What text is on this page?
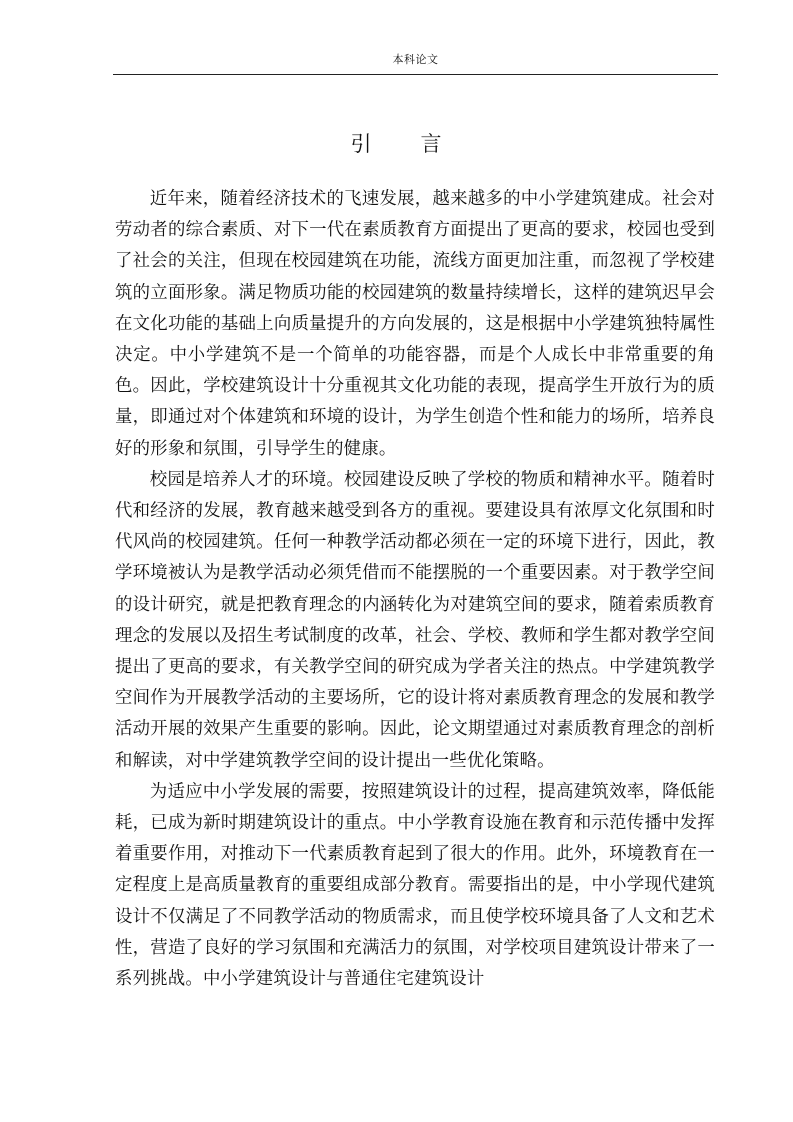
本科论文
引 言

近年来，随着经济技术的飞速发展，越来越多的中小学建筑建成。社会对劳动者的综合素质、对下一代在素质教育方面提出了更高的要求，校园也受到了社会的关注，但现在校园建筑在功能，流线方面更加注重，而忽视了学校建筑的立面形象。满足物质功能的校园建筑的数量持续增长，这样的建筑迟早会在文化功能的基础上向质量提升的方向发展的，这是根据中小学建筑独特属性决定。中小学建筑不是一个简单的功能容器，而是个人成长中非常重要的角色。因此，学校建筑设计十分重视其文化功能的表现，提高学生开放行为的质量，即通过对个体建筑和环境的设计，为学生创造个性和能力的场所，培养良好的形象和氛围，引导学生的健康。

校园是培养人才的环境。校园建设反映了学校的物质和精神水平。随着时代和经济的发展，教育越来越受到各方的重视。要建设具有浓厚文化氛围和时代风尚的校园建筑。任何一种教学活动都必须在一定的环境下进行，因此，教学环境被认为是教学活动必须凭借而不能摆脱的一个重要因素。对于教学空间的设计研究，就是把教育理念的内涵转化为对建筑空间的要求，随着索质教育理念的发展以及招生考试制度的改革，社会、学校、教师和学生都对教学空间提出了更高的要求，有关教学空间的研究成为学者关注的热点。中学建筑教学空间作为开展教学活动的主要场所，它的设计将对素质教育理念的发展和教学活动开展的效果产生重要的影响。因此，论文期望通过对素质教育理念的剖析和解读，对中学建筑教学空间的设计提出一些优化策略。

为适应中小学发展的需要，按照建筑设计的过程，提高建筑效率，降低能耗，已成为新时期建筑设计的重点。中小学教育设施在教育和示范传播中发挥着重要作用，对推动下一代素质教育起到了很大的作用。此外，环境教育在一定程度上是高质量教育的重要组成部分教育。需要指出的是，中小学现代建筑设计不仅满足了不同教学活动的物质需求，而且使学校环境具备了人文和艺术性，营造了良好的学习氛围和充满活力的氛围，对学校项目建筑设计带来了一系列挑战。中小学建筑设计与普通住宅建筑设计
